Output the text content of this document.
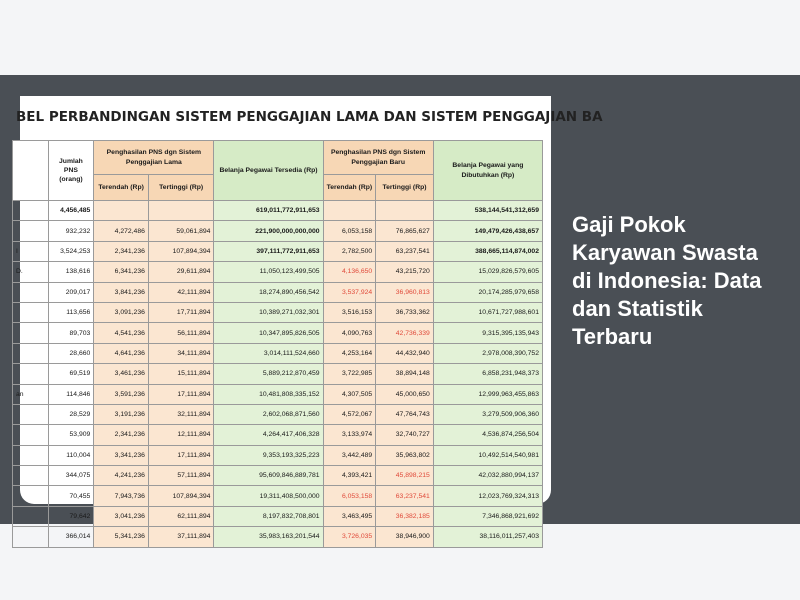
BEL PERBANDINGAN SISTEM PENGGAJIAN LAMA DAN SISTEM PENGGAJIAN BA
	Jumlah PNS (orang)	Penghasilan PNS dgn Sistem Penggajian Lama		Belanja Pegawai Tersedia (Rp)	Penghasilan PNS dgn Sistem Penggajian Baru		Belanja Pegawai yang Dibutuhkan (Rp)
		Terendah (Rp)	Tertinggi (Rp)		Terendah (Rp)	Tertinggi (Rp)	
	4,456,485			619,011,772,911,653			538,144,541,312,659
	932,232	4,272,486	59,061,894	221,900,000,000,000	6,053,158	76,865,627	149,479,426,438,657
I	3,524,253	2,341,236	107,894,394	397,111,772,911,653	2,782,500	63,237,541	388,665,114,874,002
D.	138,616	6,341,236	29,611,894	11,050,123,499,505	4,136,650	43,215,720	15,029,826,579,605
	209,017	3,841,236	42,111,894	18,274,890,456,542	3,537,924	36,960,813	20,174,285,979,658
	113,656	3,091,236	17,711,894	10,389,271,032,301	3,516,153	36,733,362	10,671,727,988,601
	89,703	4,541,236	56,111,894	10,347,895,826,505	4,090,763	42,736,339	9,315,395,135,943
	28,660	4,641,236	34,111,894	3,014,111,524,660	4,253,164	44,432,940	2,978,008,390,752
	69,519	3,461,236	15,111,894	5,889,212,870,459	3,722,985	38,894,148	6,858,231,948,373
an	114,846	3,591,236	17,111,894	10,481,808,335,152	4,307,505	45,000,650	12,999,963,455,863
	28,529	3,191,236	32,111,894	2,602,068,871,560	4,572,067	47,764,743	3,279,509,906,360
	53,909	2,341,236	12,111,894	4,264,417,406,328	3,133,974	32,740,727	4,536,874,256,504
	110,004	3,341,236	17,111,894	9,353,193,325,223	3,442,489	35,963,802	10,492,514,540,981
	344,075	4,241,236	57,111,894	95,609,846,889,781	4,393,421	45,898,215	42,032,880,994,137
	70,455	7,943,736	107,894,394	19,311,408,500,000	6,053,158	63,237,541	12,023,769,324,313
	79,642	3,041,236	62,111,894	8,197,832,708,801	3,463,495	36,382,185	7,346,868,921,692
	366,014	5,341,236	37,111,894	35,983,163,201,544	3,726,035	38,946,900	38,116,011,257,403
Gaji Pokok Karyawan Swasta di Indonesia: Data dan Statistik Terbaru
